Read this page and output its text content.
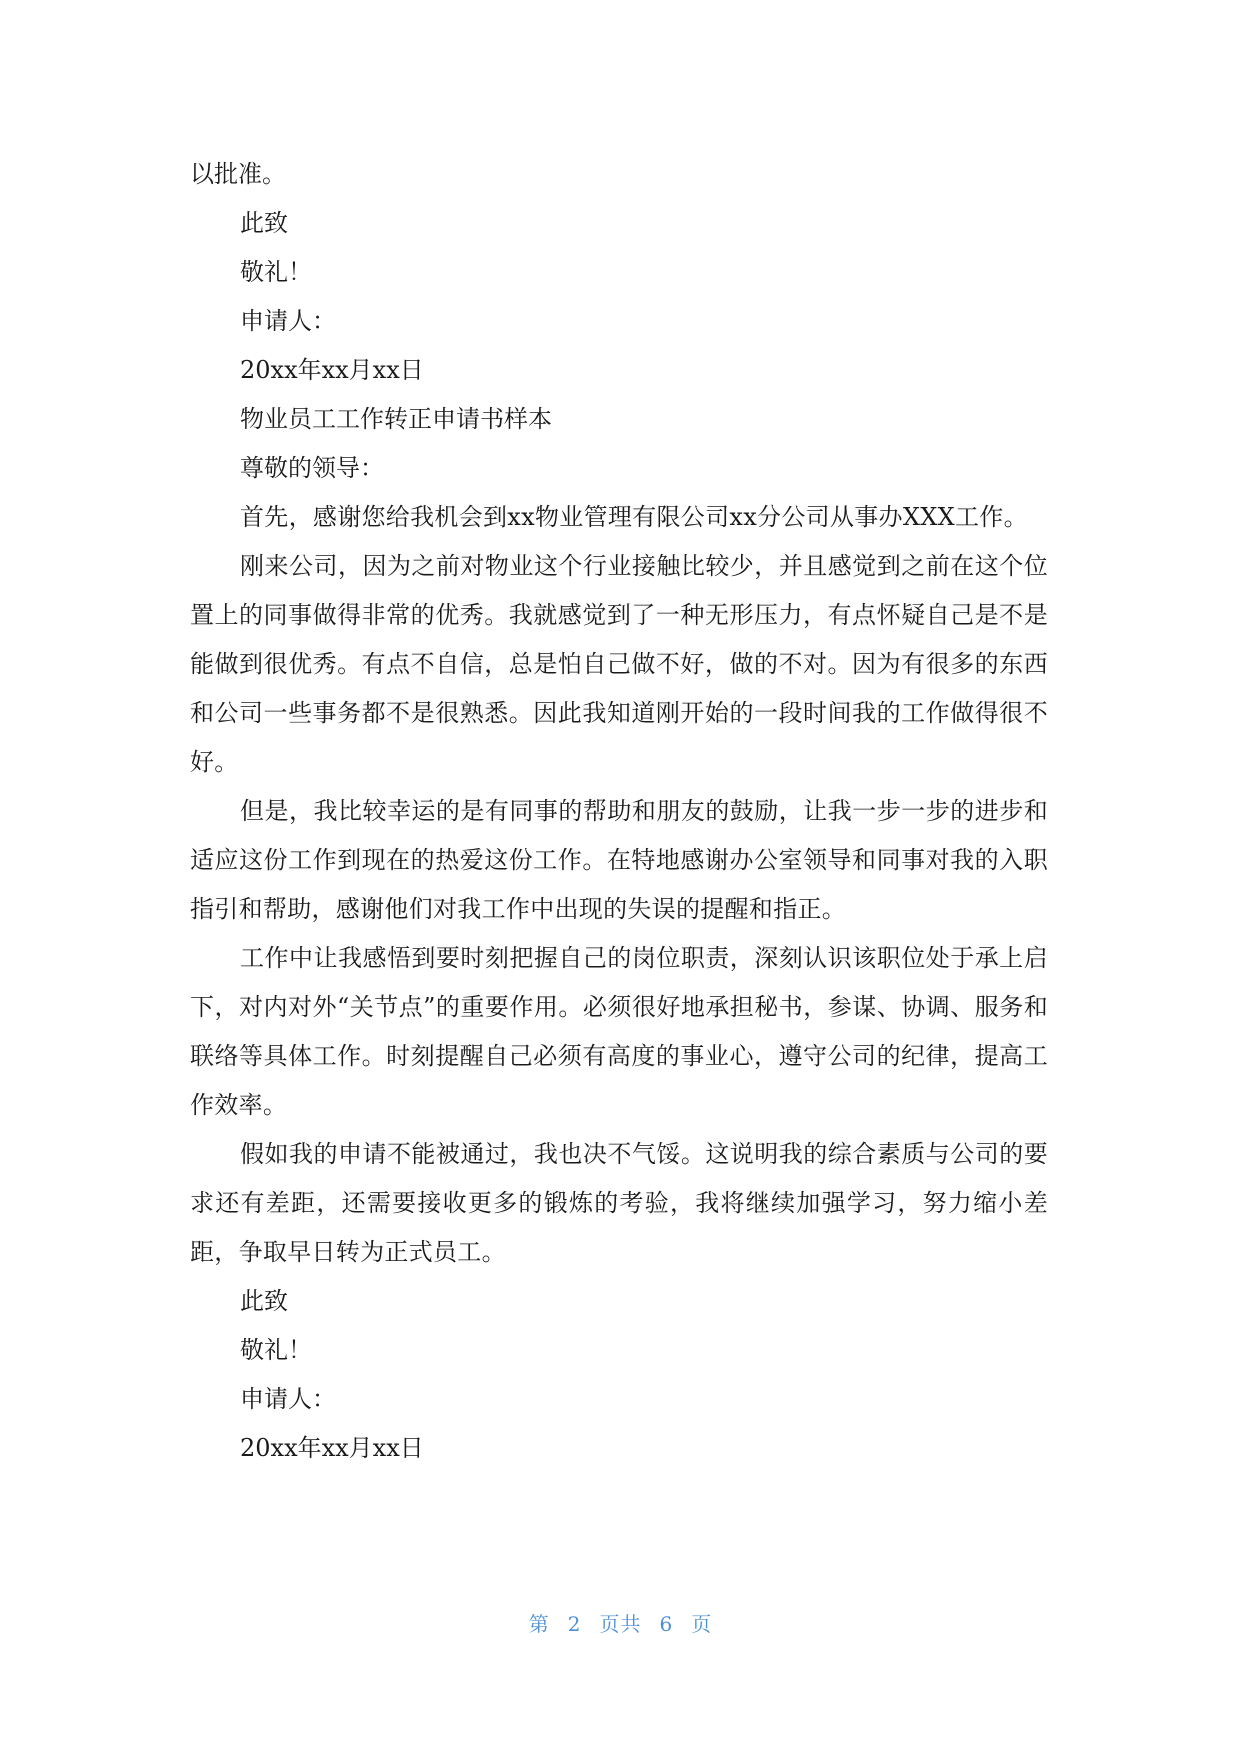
以批准。

此致

敬礼！

申请人：

20xx年xx月xx日

物业员工工作转正申请书样本

尊敬的领导：

首先，感谢您给我机会到xx物业管理有限公司xx分公司从事办XXX工作。

刚来公司，因为之前对物业这个行业接触比较少，并且感觉到之前在这个位置上的同事做得非常的优秀。我就感觉到了一种无形压力，有点怀疑自己是不是能做到很优秀。有点不自信，总是怕自己做不好，做的不对。因为有很多的东西和公司一些事务都不是很熟悉。因此我知道刚开始的一段时间我的工作做得很不好。

但是，我比较幸运的是有同事的帮助和朋友的鼓励，让我一步一步的进步和适应这份工作到现在的热爱这份工作。在特地感谢办公室领导和同事对我的入职指引和帮助，感谢他们对我工作中出现的失误的提醒和指正。

工作中让我感悟到要时刻把握自己的岗位职责，深刻认识该职位处于承上启下，对内对外“关节点”的重要作用。必须很好地承担秘书，参谋、协调、服务和联络等具体工作。时刻提醒自己必须有高度的事业心，遵守公司的纪律，提高工作效率。

假如我的申请不能被通过，我也决不气馁。这说明我的综合素质与公司的要求还有差距，还需要接收更多的锻炼的考验，我将继续加强学习，努力缩小差距，争取早日转为正式员工。

此致

敬礼！

申请人：

20xx年xx月xx日

第 2 页共 6 页
